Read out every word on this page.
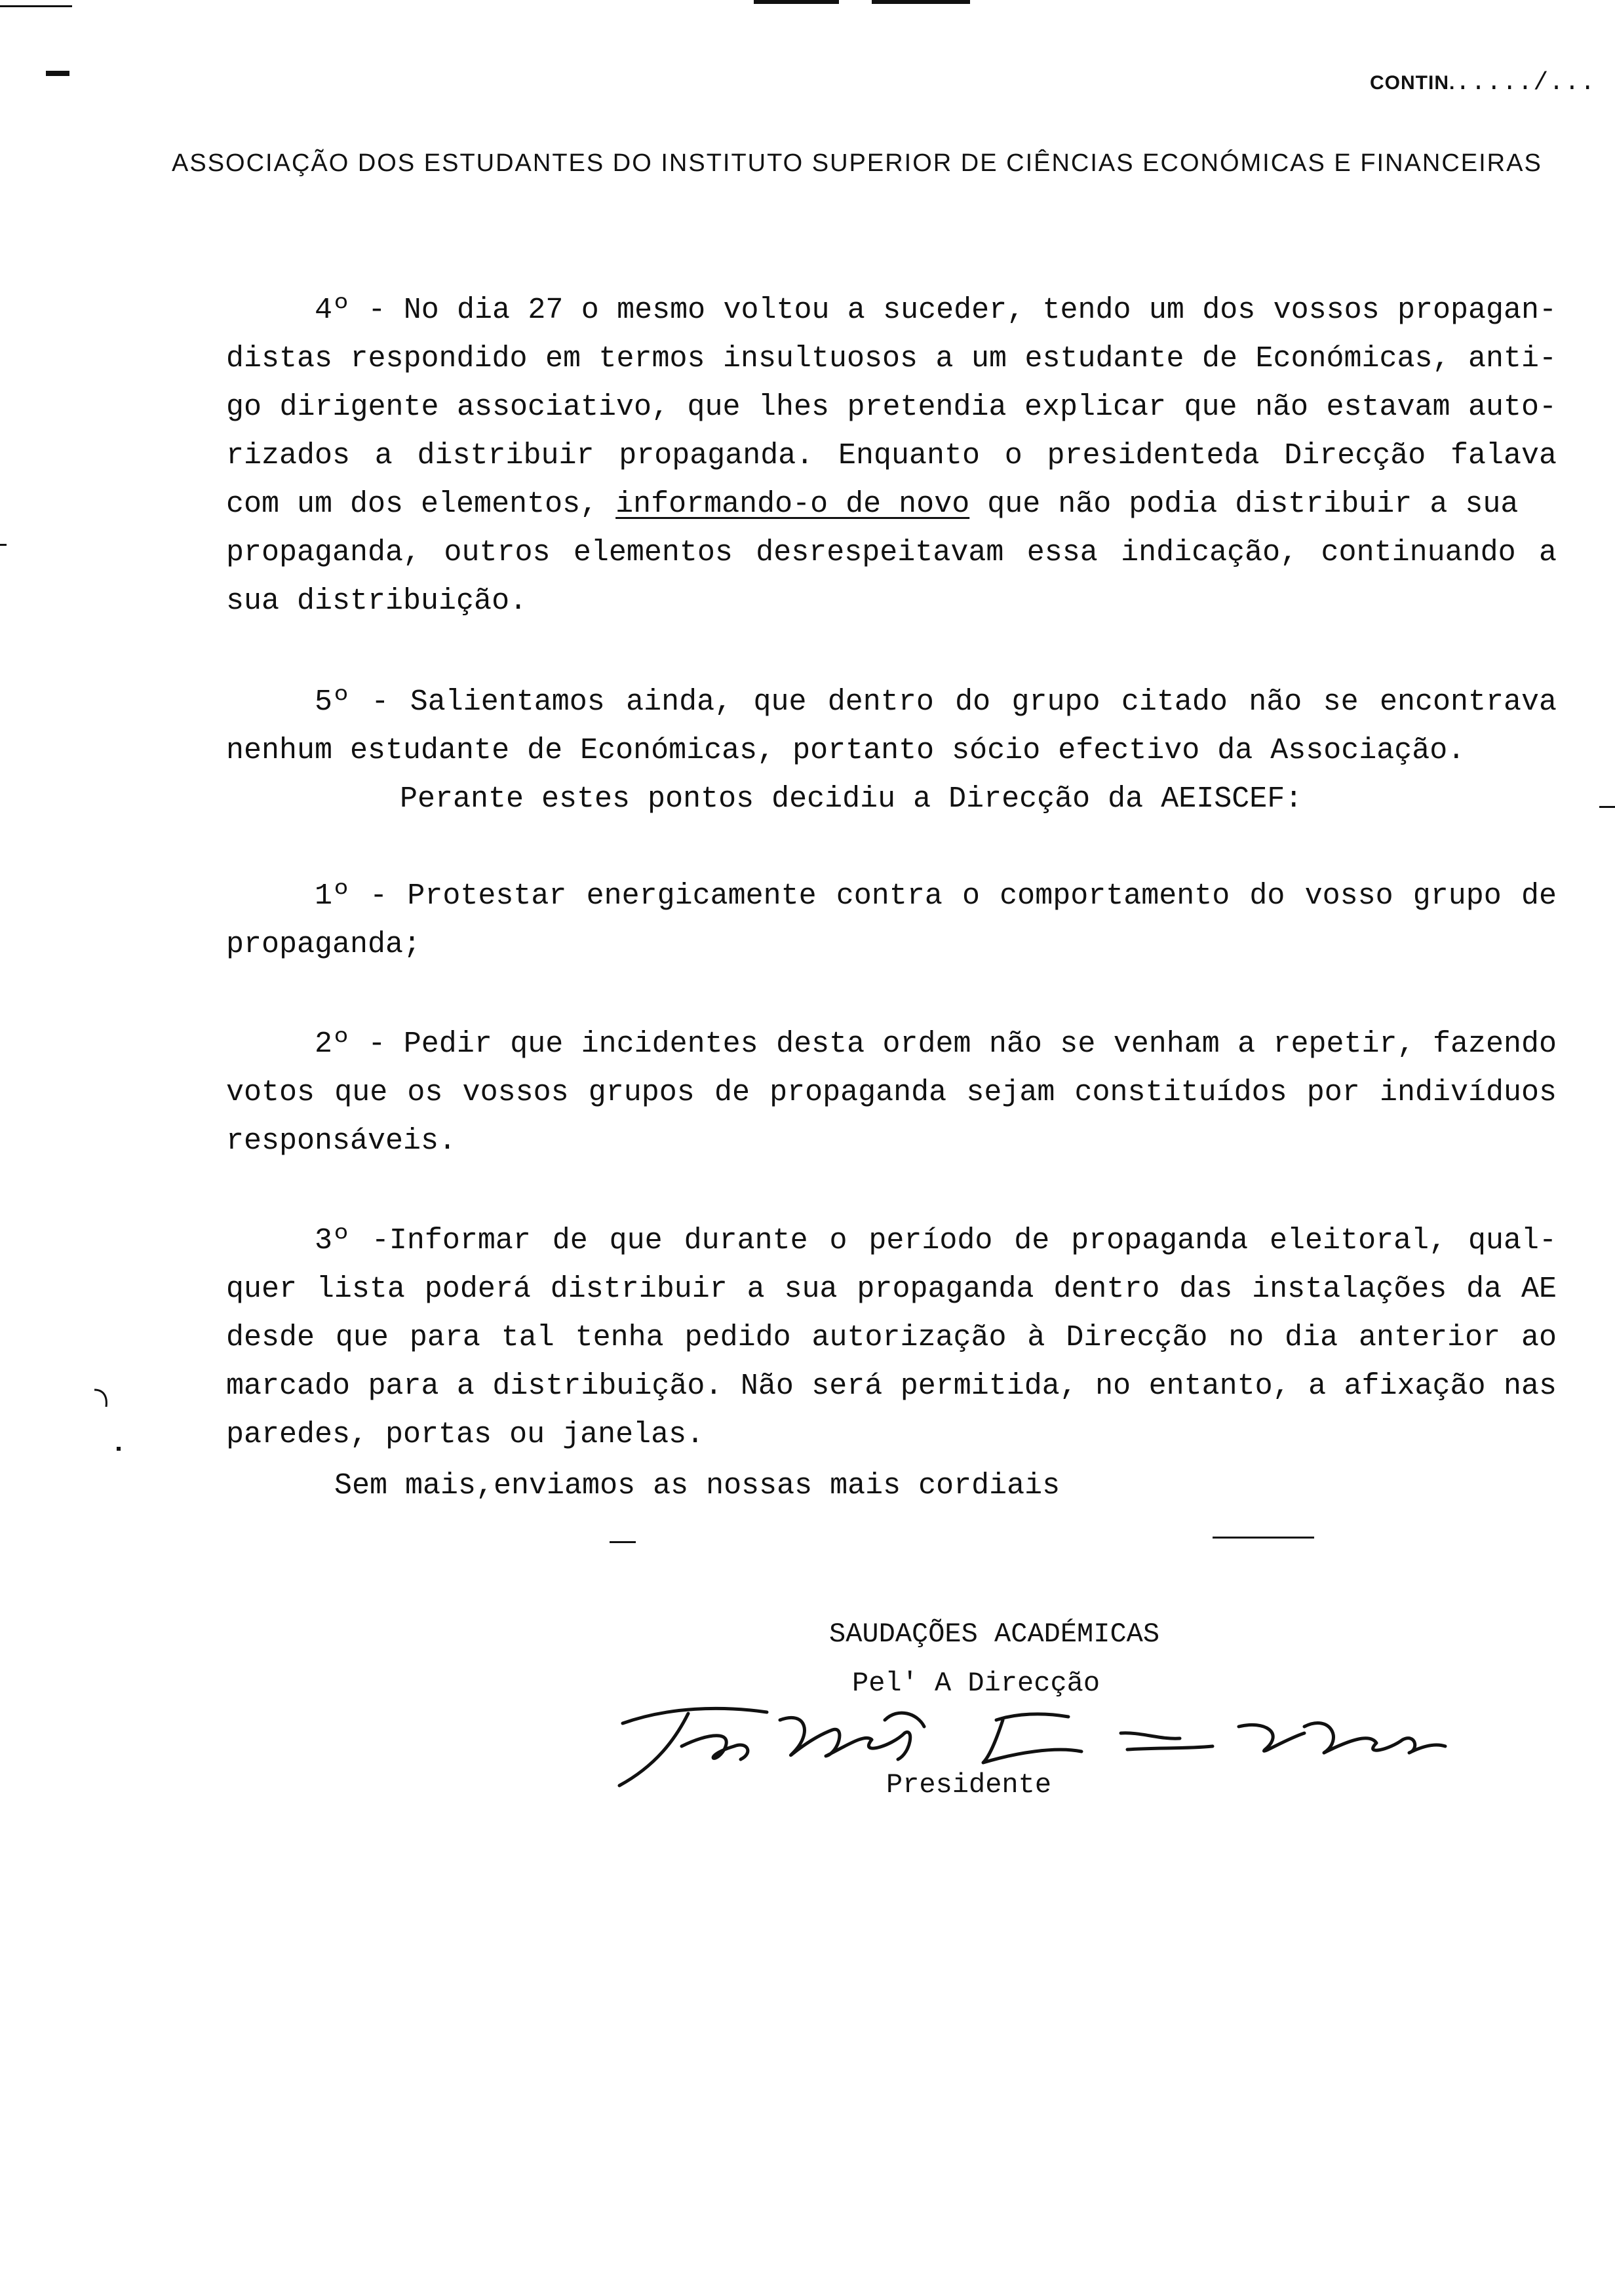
CONTIN....../...
ASSOCIAÇÃO DOS ESTUDANTES DO INSTITUTO SUPERIOR DE CIÊNCIAS ECONÓMICAS E FINANCEIRAS
4º - No dia 27 o mesmo voltou a suceder, tendo um dos vossos propagan-
distas respondido em termos insultuosos a um estudante de Económicas, anti-
go dirigente associativo, que lhes pretendia explicar que não estavam auto-
rizados a distribuir propaganda. Enquanto o presidenteda Direcção falava
com um dos elementos, informando-o de novo que não podia distribuir a sua
propaganda, outros elementos desrespeitavam essa indicação, continuando a
sua distribuição.
5º - Salientamos ainda, que dentro do grupo citado não se encontrava
nenhum estudante de Económicas, portanto sócio efectivo da Associação.
Perante estes pontos decidiu a Direcção da AEISCEF:
1º - Protestar energicamente contra o comportamento do vosso grupo de
propaganda;
2º - Pedir que incidentes desta ordem não se venham a repetir, fazendo
votos que os vossos grupos de propaganda sejam constituídos por indivíduos
responsáveis.
3º -Informar de que durante o período de propaganda eleitoral, qual-
quer lista poderá distribuir a sua propaganda dentro das instalações da AE
desde que para tal tenha pedido autorização à Direcção no dia anterior ao
marcado para a distribuição. Não será permitida, no entanto, a afixação nas
paredes, portas ou janelas.
Sem mais,enviamos as nossas mais cordiais
SAUDAÇÕES ACADÉMICAS
Pel' A Direcção
Presidente
